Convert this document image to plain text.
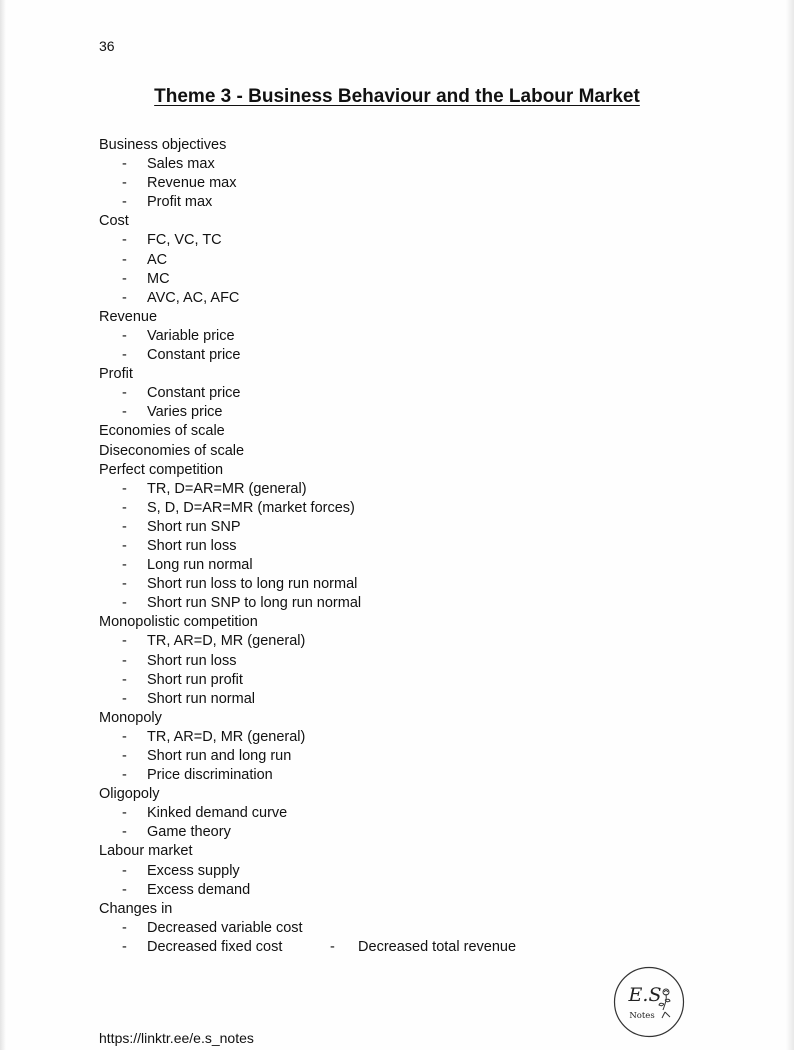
36
Theme 3 - Business Behaviour and the Labour Market
Business objectives
- Sales max
- Revenue max
- Profit max
Cost
- FC, VC, TC
- AC
- MC
- AVC, AC, AFC
Revenue
- Variable price
- Constant price
Profit
- Constant price
- Varies price
Economies of scale
Diseconomies of scale
Perfect competition
- TR, D=AR=MR (general)
- S, D, D=AR=MR (market forces)
- Short run SNP
- Short run loss
- Long run normal
- Short run loss to long run normal
- Short run SNP to long run normal
Monopolistic competition
- TR, AR=D, MR (general)
- Short run loss
- Short run profit
- Short run normal
Monopoly
- TR, AR=D, MR (general)
- Short run and long run
- Price discrimination
Oligopoly
- Kinked demand curve
- Game theory
Labour market
- Excess supply
- Excess demand
Changes in
- Decreased variable cost
- Decreased fixed cost	- Decreased total revenue
E.S
Notes
https://linktr.ee/e.s_notes
